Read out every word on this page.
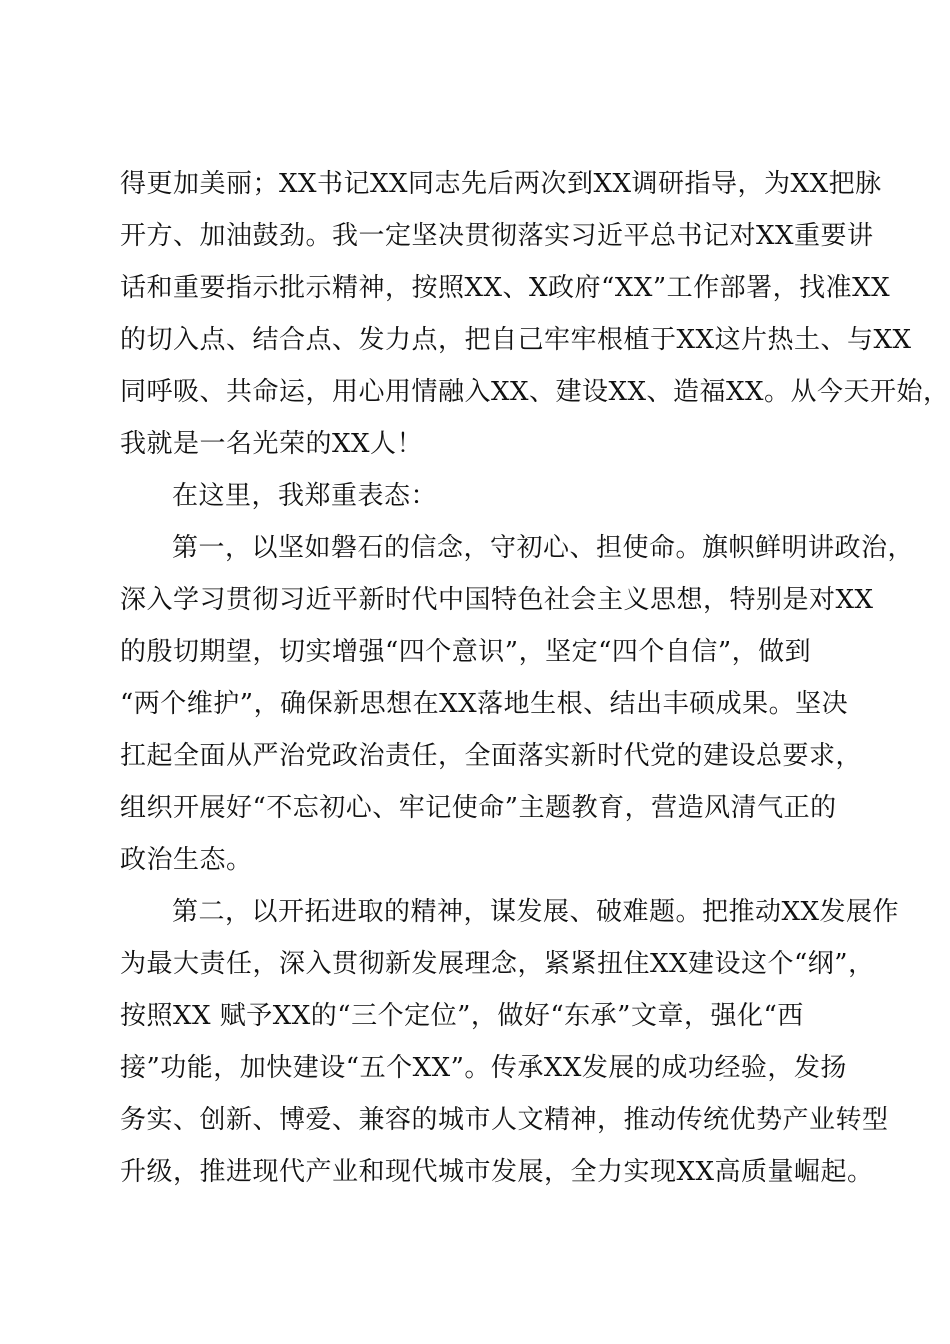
得更加美丽；XX书记XX同志先后两次到XX调研指导，为XX把脉
开方、加油鼓劲。我一定坚决贯彻落实习近平总书记对XX重要讲
话和重要指示批示精神，按照XX、X政府“XX”工作部署，找准XX
的切入点、结合点、发力点，把自己牢牢根植于XX这片热土、与XX
同呼吸、共命运，用心用情融入XX、建设XX、造福XX。从今天开始，
我就是一名光荣的XX人！
在这里，我郑重表态：
第一，以坚如磐石的信念，守初心、担使命。旗帜鲜明讲政治，
深入学习贯彻习近平新时代中国特色社会主义思想，特别是对XX
的殷切期望，切实增强“四个意识”，坚定“四个自信”，做到
“两个维护”，确保新思想在XX落地生根、结出丰硕成果。坚决
扛起全面从严治党政治责任，全面落实新时代党的建设总要求，
组织开展好“不忘初心、牢记使命”主题教育，营造风清气正的
政治生态。
第二，以开拓进取的精神，谋发展、破难题。把推动XX发展作
为最大责任，深入贯彻新发展理念，紧紧扭住XX建设这个“纲”，
按照XX 赋予XX的“三个定位”，做好“东承”文章，强化“西
接”功能，加快建设“五个XX”。传承XX发展的成功经验，发扬
务实、创新、博爱、兼容的城市人文精神，推动传统优势产业转型
升级，推进现代产业和现代城市发展，全力实现XX高质量崛起。
